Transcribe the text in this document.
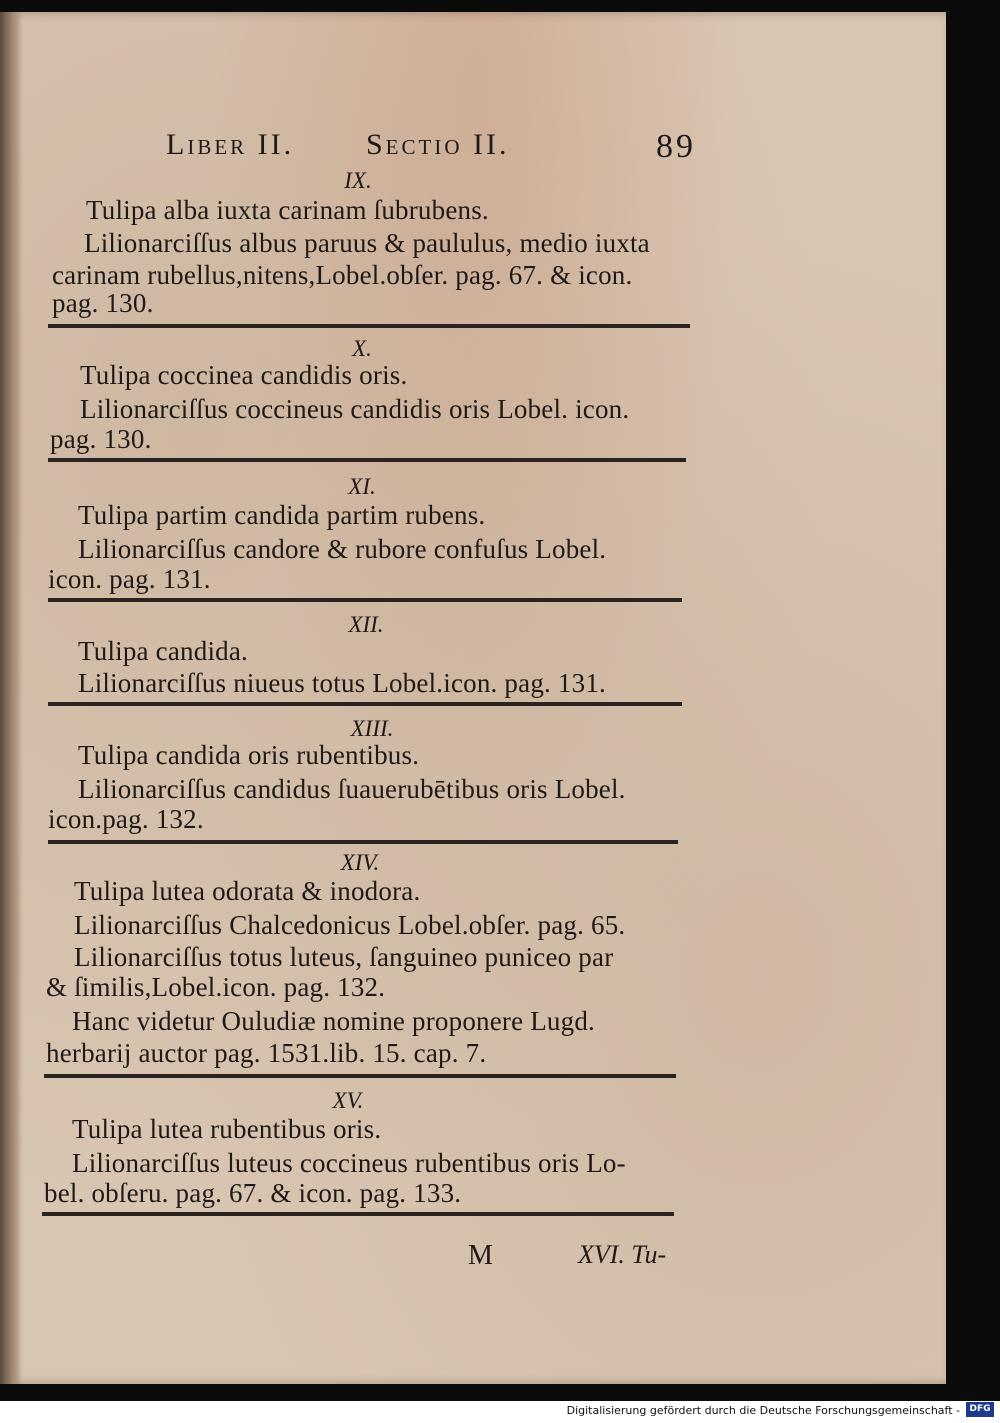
Liber II. Sectio II.	89
IX.
Tulipa alba iuxta carinam ſubrubens.
Lilionarciſſus albus paruus & paululus, medio iuxta
carinam rubellus,nitens,Lobel.obſer. pag. 67. & icon.
pag. 130.
X.
Tulipa coccinea candidis oris.
Lilionarciſſus coccineus candidis oris Lobel. icon.
pag. 130.
XI.
Tulipa partim candida partim rubens.
Lilionarciſſus candore & rubore confuſus Lobel.
icon. pag. 131.
XII.
Tulipa candida.
Lilionarciſſus niueus totus Lobel.icon. pag. 131.
XIII.
Tulipa candida oris rubentibus.
Lilionarciſſus candidus ſuauerubētibus oris Lobel.
icon.pag. 132.
XIV.
Tulipa lutea odorata & inodora.
Lilionarciſſus Chalcedonicus Lobel.obſer. pag. 65.
Lilionarciſſus totus luteus, ſanguineo puniceo par
& ſimilis,Lobel.icon. pag. 132.
Hanc videtur Ouludiæ nomine proponere Lugd.
herbarij auctor pag. 1531.lib. 15. cap. 7.
XV.
Tulipa lutea rubentibus oris.
Lilionarciſſus luteus coccineus rubentibus oris Lo-
bel. obſeru. pag. 67. & icon. pag. 133.
M	XVI. Tu-
Digitalisierung gefördert durch die Deutsche Forschungsgemeinschaft -	DFG
